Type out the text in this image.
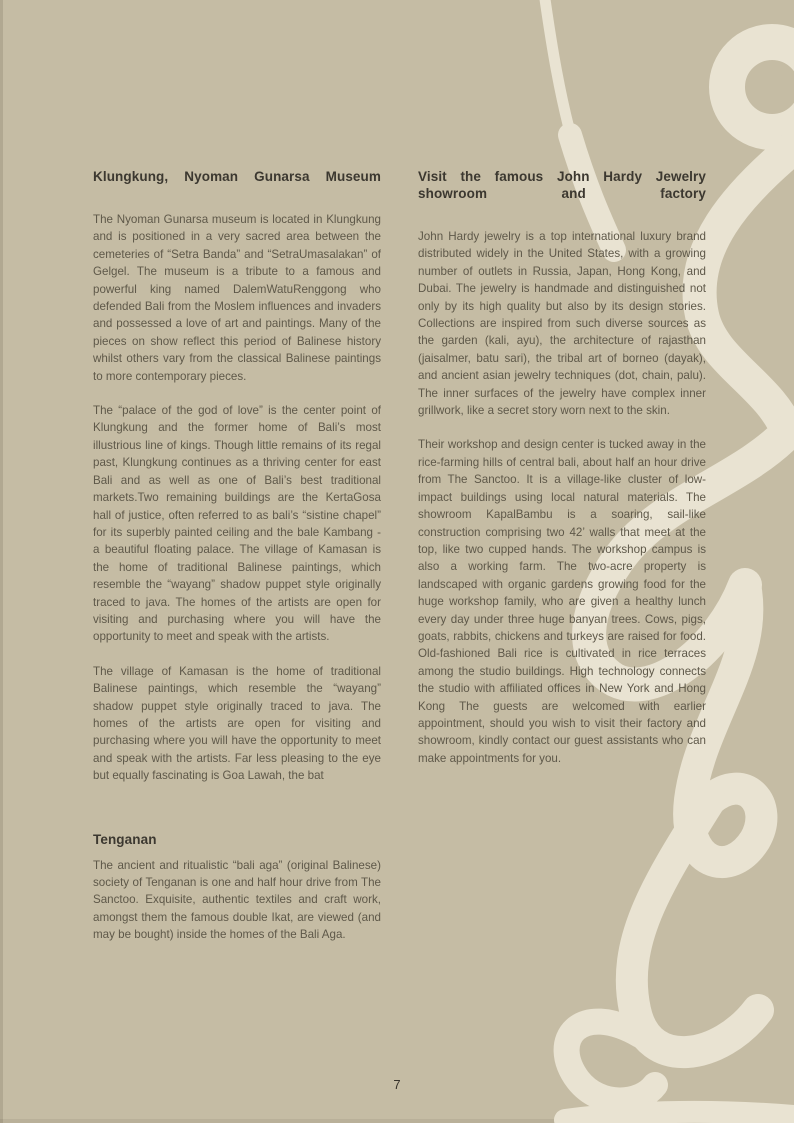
Klungkung, Nyoman Gunarsa Museum

The Nyoman Gunarsa museum is located in Klungkung and is positioned in a very sacred area between the cemeteries of “Setra Banda” and “SetraUmasalakan” of Gelgel. The museum is a tribute to a famous and powerful king named DalemWatuRenggong who defended Bali from the Moslem influences and invaders and possessed a love of art and paintings. Many of the pieces on show reflect this period of Balinese history whilst others vary from the classical Balinese paintings to more contemporary pieces.

The “palace of the god of love” is the center point of Klungkung and the former home of Bali’s most illustrious line of kings. Though little remains of its regal past, Klungkung continues as a thriving center for east Bali and as well as one of Bali’s best traditional markets.Two remaining buildings are the KertaGosa hall of justice, often referred to as bali’s “sistine chapel” for its superbly painted ceiling and the bale Kambang - a beautiful floating palace. The village of Kamasan is the home of traditional Balinese paintings, which resemble the “wayang” shadow puppet style originally traced to java. The homes of the artists are open for visiting and purchasing where you will have the opportunity to meet and speak with the artists.

The village of Kamasan is the home of traditional Balinese paintings, which resemble the “wayang” shadow puppet style originally traced to java. The homes of the artists are open for visiting and purchasing where you will have the opportunity to meet and speak with the artists. Far less pleasing to the eye but equally fascinating is Goa Lawah, the bat

Tenganan

The ancient and ritualistic “bali aga” (original Balinese) society of Tenganan is one and half hour drive from The Sanctoo. Exquisite, authentic textiles and craft work, amongst them the famous double Ikat, are viewed (and may be bought) inside the homes of the Bali Aga.

Visit the famous John Hardy Jewelry showroom and factory

John Hardy jewelry is a top international luxury brand distributed widely in the United States, with a growing number of outlets in Russia, Japan, Hong Kong, and Dubai. The jewelry is handmade and distinguished not only by its high quality but also by its design stories. Collections are inspired from such diverse sources as the garden (kali, ayu), the architecture of rajasthan (jaisalmer, batu sari), the tribal art of borneo (dayak), and ancient asian jewelry techniques (dot, chain, palu). The inner surfaces of the jewelry have complex inner grillwork, like a secret story worn next to the skin.

Their workshop and design center is tucked away in the rice-farming hills of central bali, about half an hour drive from The Sanctoo. It is a village-like cluster of low-impact buildings using local natural materials. The showroom KapalBambu is a soaring, sail-like construction comprising two 42’ walls that meet at the top, like two cupped hands. The workshop campus is also a working farm. The two-acre property is landscaped with organic gardens growing food for the huge workshop family, who are given a healthy lunch every day under three huge banyan trees. Cows, pigs, goats, rabbits, chickens and turkeys are raised for food. Old-fashioned Bali rice is cultivated in rice terraces among the studio buildings. High technology connects the studio with affiliated offices in New York and Hong Kong The guests are welcomed with earlier appointment, should you wish to visit their factory and showroom, kindly contact our guest assistants who can make appointments for you.

7
